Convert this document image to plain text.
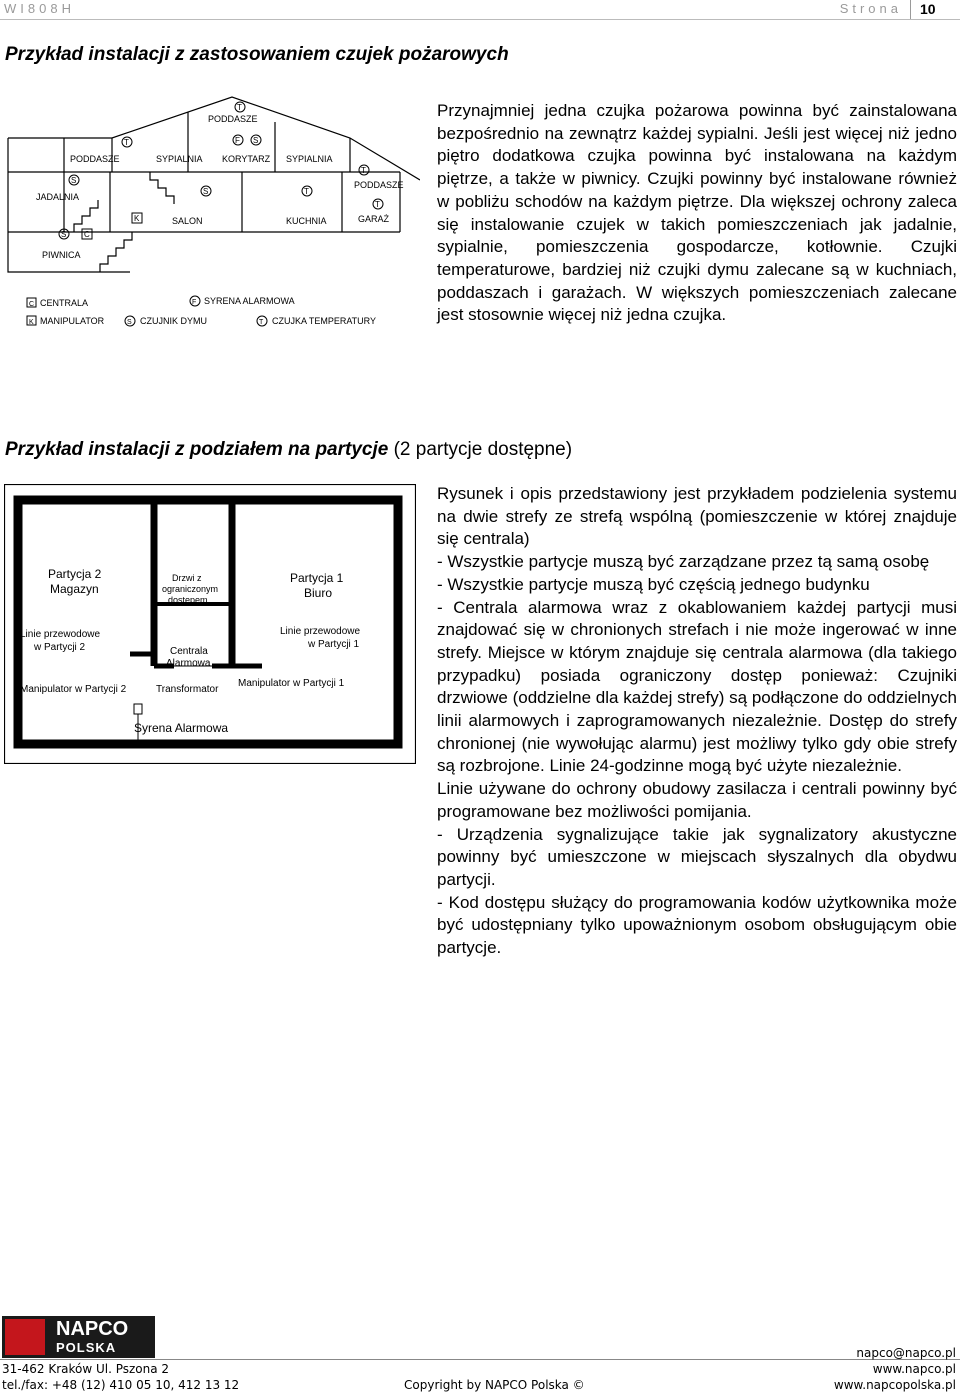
WI808H	Strona 10
Przykład instalacji z zastosowaniem czujek pożarowych
PODDASZE
PODDASZE	SYPIALNIA KORYTARZ SYPIALNIA
PODDASZE
JADALNIA
SALON	KUCHNIA	GARAŻ
PIWNICA
T
F S
T
T
S
S	T
T
K
S C
C CENTRALA	F SYRENA ALARMOWA
K MANIPULATOR	S CZUJNIK DYMU	T CZUJKA TEMPERATURY

Przynajmniej jedna czujka pożarowa powinna być zainstalowana bezpośrednio na zewnątrz każdej sypialni. Jeśli jest więcej niż jedno piętro dodatkowa czujka powinna być instalowana na każdym piętrze, a także w piwnicy. Czujki powinny być instalowane również w pobliżu schodów na każdym piętrze. Dla większej ochrony zaleca się instalowanie czujek w takich pomieszczeniach jak jadalnie, sypialnie, pomieszczenia gospodarcze, kotłownie. Czujki temperaturowe, bardziej niż czujki dymu zalecane są w kuchniach, poddaszach i garażach. W większych pomieszczeniach zalecane jest stosownie więcej niż jedna czujka.

Przykład instalacji z podziałem na partycje (2 partycje dostępne)
Partycja 2
Magazyn
Drzwi z
ograniczonym
dostępem
Partycja 1
Biuro
Linie przewodowe
w Partycji 2
Linie przewodowe
w Partycji 1
Centrala
Alarmowa
Manipulator w Partycji 2	Transformator
Manipulator w Partycji 1
Syrena Alarmowa

Rysunek i opis przedstawiony jest przykładem podzielenia systemu na dwie strefy ze strefą wspólną (pomieszczenie w której znajduje się centrala)

- Wszystkie partycje muszą być zarządzane przez tą samą osobę

- Wszystkie partycje muszą być częścią jednego budynku

- Centrala alarmowa wraz z okablowaniem każdej partycji musi znajdować się w chronionych strefach i nie może ingerować w inne strefy. Miejsce w którym znajduje się centrala alarmowa (dla takiego przypadku) posiada ograniczony dostęp ponieważ: Czujniki drzwiowe (oddzielne dla każdej strefy) są podłączone do oddzielnych linii alarmowych i zaprogramowanych niezależnie. Dostęp do strefy chronionej (nie wywołując alarmu) jest możliwy tylko gdy obie strefy są rozbrojone. Linie 24-godzinne mogą być użyte niezależnie.

Linie używane do ochrony obudowy zasilacza i centrali powinny być programowane bez możliwości pomijania.

- Urządzenia sygnalizujące takie jak sygnalizatory akustyczne powinny być umieszczone w miejscach słyszalnych dla obydwu partycji.

- Kod dostępu służący do programowania kodów użytkownika może być udostępniany tylko upoważnionym osobom obsługującym obie partycje.

NAPCO
POLSKA
31-462 Kraków Ul. Pszona 2
tel./fax: +48 (12) 410 05 10, 412 13 12	Copyright by NAPCO Polska ©
napco@napco.pl
www.napco.pl
www.napcopolska.pl
